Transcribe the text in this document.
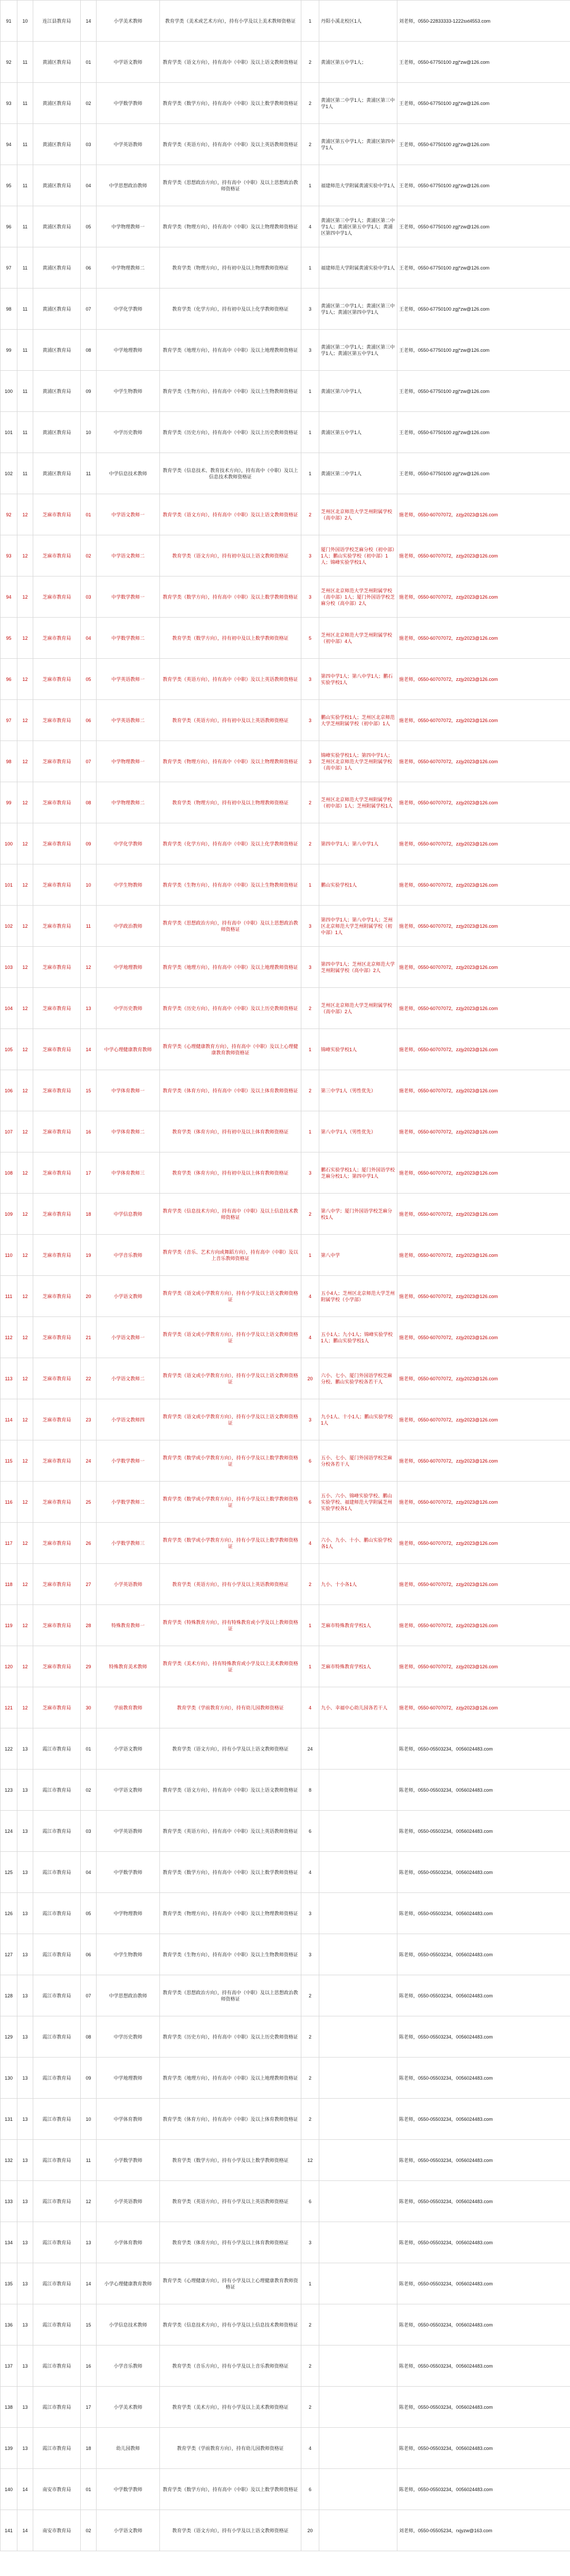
91	10	连江县教育局	14	小学美术教师	教育学类（美术或艺术方向），持有小学及以上美术教师资格证	1	丹阳小溪北校区1人	刘老师，0550-22833333-1222sxt4553.com
92	11	黄浦区教育局	01	中学语文教师	教育学类（语文方向），持有高中（中职）及以上语文教师资格证	2	黄浦区第五中学1人；	王老师，0550-67750100 zgj*zw@126.com
93	11	黄浦区教育局	02	中学数学教师	教育学类（数学方向），持有高中（中职）及以上数学教师资格证	2	黄浦区第二中学1人；黄浦区第三中学1人	王老师，0550-67750100 zgj*zw@126.com
94	11	黄浦区教育局	03	中学英语教师	教育学类（英语方向），持有高中（中职）及以上英语教师资格证	2	黄浦区第五中学1人；黄浦区第四中学1人	王老师，0550-67750100 zgj*zw@126.com
95	11	黄浦区教育局	04	中学思想政治教师	教育学类（思想政治方向），持有高中（中职）及以上思想政治教师资格证	1	福建师范大学附属黄浦实验中学1人	王老师，0550-67750100 zgj*zw@126.com
96	11	黄浦区教育局	05	中学物理教师一	教育学类（物理方向），持有高中（中职）及以上物理教师资格证	4	黄浦区第三中学1人；黄浦区第二中学1人；黄浦区第五中学1人；黄浦区第四中学1人	王老师，0550-67750100 zgj*zw@126.com
97	11	黄浦区教育局	06	中学物理教师二	教育学类（物理方向），持有初中及以上物理教师资格证	1	福建师范大学附属黄浦实验中学1人	王老师，0550-67750100 zgj*zw@126.com
98	11	黄浦区教育局	07	中学化学教师	教育学类（化学方向），持有初中及以上化学教师资格证	3	黄浦区第二中学1人；黄浦区第三中学1人；黄浦区第四中学1人	王老师，0550-67750100 zgj*zw@126.com
99	11	黄浦区教育局	08	中学地理教师	教育学类（地理方向），持有高中（中职）及以上地理教师资格证	3	黄浦区第二中学1人；黄浦区第三中学1人；黄浦区第五中学1人	王老师，0550-67750100 zgj*zw@126.com
100	11	黄浦区教育局	09	中学生物教师	教育学类（生物方向），持有高中（中职）及以上生物教师资格证	1	黄浦区第六中学1人	王老师，0550-67750100 zgj*zw@126.com
101	11	黄浦区教育局	10	中学历史教师	教育学类（历史方向），持有高中（中职）及以上历史教师资格证	1	黄浦区第五中学1人	王老师，0550-67750100 zgj*zw@126.com
102	11	黄浦区教育局	11	中学信息技术教师	教育学类（信息技术、教育技术方向），持有高中（中职）及以上信息技术教师资格证	1	黄浦区第二中学1人	王老师，0550-67750100 zgj*zw@126.com
92	12	芝麻市教育局	01	中学语文教师一	教育学类（语文方向），持有高中（中职）及以上语文教师资格证	2	芝州区北京师范大学芝州附属学校（高中部）2人	施老师，0550-60707072，zzjy2023@126.com
93	12	芝麻市教育局	02	中学语文教师二	教育学类（语文方向），持有初中及以上语文教师资格证	3	厦门外国语学校芝麻分校（初中部）1人；鹏山实验学校（初中部）1人；锦峰实验学校1人	施老师，0550-60707072，zzjy2023@126.com
94	12	芝麻市教育局	03	中学数学教师一	教育学类（数学方向），持有高中（中职）及以上数学教师资格证	3	芝州区北京师范大学芝州附属学校（高中部）1人；厦门外国语学校芝麻分校（高中部）2人	施老师，0550-60707072，zzjy2023@126.com
95	12	芝麻市教育局	04	中学数学教师二	教育学类（数学方向），持有初中及以上数学教师资格证	5	芝州区北京师范大学芝州附属学校（初中部）4人	施老师，0550-60707072，zzjy2023@126.com
96	12	芝麻市教育局	05	中学英语教师一	教育学类（英语方向），持有高中（中职）及以上英语教师资格证	3	第四中学1人；第八中学1人；鹏石实验学校1人	施老师，0550-60707072，zzjy2023@126.com
97	12	芝麻市教育局	06	中学英语教师二	教育学类（英语方向），持有初中及以上英语教师资格证	3	鹏山实验学校1人；芝州区北京师范大学芝州附属学校（初中部）1人	施老师，0550-60707072，zzjy2023@126.com
98	12	芝麻市教育局	07	中学物理教师一	教育学类（物理方向），持有高中（中职）及以上物理教师资格证	3	锦峰实验学校1人；第四中学1人；芝州区北京师范大学芝州附属学校（高中部）1人	施老师，0550-60707072，zzjy2023@126.com
99	12	芝麻市教育局	08	中学物理教师二	教育学类（物理方向），持有初中及以上物理教师资格证	2	芝州区北京师范大学芝州附属学校（初中部）1人；芝州附属学校1人	施老师，0550-60707072，zzjy2023@126.com
100	12	芝麻市教育局	09	中学化学教师	教育学类（化学方向），持有高中（中职）及以上化学教师资格证	2	第四中学1人；第八中学1人	施老师，0550-60707072，zzjy2023@126.com
101	12	芝麻市教育局	10	中学生物教师	教育学类（生物方向），持有高中（中职）及以上生物教师资格证	1	鹏山实验学校1人	施老师，0550-60707072，zzjy2023@126.com
102	12	芝麻市教育局	11	中学政治教师	教育学类（思想政治方向），持有高中（中职）及以上思想政治教师资格证	3	第四中学1人；第八中学1人；芝州区北京师范大学芝州附属学校（初中部）1人	施老师，0550-60707072，zzjy2023@126.com
103	12	芝麻市教育局	12	中学地理教师	教育学类（地理方向），持有高中（中职）及以上地理教师资格证	3	第四中学1人；芝州区北京师范大学芝州附属学校（高中部）2人	施老师，0550-60707072，zzjy2023@126.com
104	12	芝麻市教育局	13	中学历史教师	教育学类（历史方向），持有高中（中职）及以上历史教师资格证	2	芝州区北京师范大学芝州附属学校（高中部）2人	施老师，0550-60707072，zzjy2023@126.com
105	12	芝麻市教育局	14	中学心理健康教育教师	教育学类（心理健康教育方向），持有高中（中职）及以上心理健康教育教师资格证	1	锦峰实验学校1人	施老师，0550-60707072，zzjy2023@126.com
106	12	芝麻市教育局	15	中学体育教师一	教育学类（体育方向），持有高中（中职）及以上体育教师资格证	2	第三中学1人（男性优先）	施老师，0550-60707072，zzjy2023@126.com
107	12	芝麻市教育局	16	中学体育教师二	教育学类（体育方向），持有初中及以上体育教师资格证	1	第八中学1人（男性优先）	施老师，0550-60707072，zzjy2023@126.com
108	12	芝麻市教育局	17	中学体育教师三	教育学类（体育方向），持有初中及以上体育教师资格证	3	鹏石实验学校1人；厦门外国语学校芝麻分校1人；第四中学1人	施老师，0550-60707072，zzjy2023@126.com
109	12	芝麻市教育局	18	中学信息教师	教育学类（信息技术方向），持有高中（中职）及以上信息技术教师资格证	2	第八中学；厦门外国语学校芝麻分校1人	施老师，0550-60707072，zzjy2023@126.com
110	12	芝麻市教育局	19	中学音乐教师	教育学类（音乐、艺术方向或舞蹈方向），持有高中（中职）及以上音乐教师资格证	1	第八中学	施老师，0550-60707072，zzjy2023@126.com
111	12	芝麻市教育局	20	小学语文教师	教育学类（语文或小学教育方向），持有小学及以上语文教师资格证	4	五小4人；芝州区北京师范大学芝州附属学校（小学部）	施老师，0550-60707072，zzjy2023@126.com
112	12	芝麻市教育局	21	小学语文教师一	教育学类（语文或小学教育方向），持有小学及以上语文教师资格证	4	五小1人；九小1人；锦峰实验学校1人；鹏山实验学校1人	施老师，0550-60707072，zzjy2023@126.com
113	12	芝麻市教育局	22	小学语文教师二	教育学类（语文或小学教育方向），持有小学及以上语文教师资格证	20	六小、七小、厦门外国语学校芝麻分校、鹏山实验学校各若干人	施老师，0550-60707072，zzjy2023@126.com
114	12	芝麻市教育局	23	小学语文教师四	教育学类（语文或小学教育方向），持有小学及以上语文教师资格证	3	九小1人、十小1人；鹏山实验学校1人	施老师，0550-60707072，zzjy2023@126.com
115	12	芝麻市教育局	24	小学数学教师一	教育学类（数学或小学教育方向），持有小学及以上数学教师资格证	6	五小、七小、厦门外国语学校芝麻分校各若干人	施老师，0550-60707072，zzjy2023@126.com
116	12	芝麻市教育局	25	小学数学教师二	教育学类（数学或小学教育方向），持有小学及以上数学教师资格证	6	五小、六小、锦峰实验学校、鹏山实验学校、福建师范大学附属芝州实验学校各1人	施老师，0550-60707072，zzjy2023@126.com
117	12	芝麻市教育局	26	小学数学教师三	教育学类（数学或小学教育方向），持有小学及以上数学教师资格证	4	六小、九小、十小、鹏山实验学校各1人	施老师，0550-60707072，zzjy2023@126.com
118	12	芝麻市教育局	27	小学英语教师	教育学类（英语方向），持有小学及以上英语教师资格证	2	九小、十小各1人	施老师，0550-60707072，zzjy2023@126.com
119	12	芝麻市教育局	28	特殊教育教师一	教育学类（特殊教育方向），持有特殊教育或小学及以上教师资格证	1	芝麻市特殊教育学校1人	施老师，0550-60707072，zzjy2023@126.com
120	12	芝麻市教育局	29	特殊教育美术教师	教育学类（美术方向），持有特殊教育或小学及以上美术教师资格证	1	芝麻市特殊教育学校1人	施老师，0550-60707072，zzjy2023@126.com
121	12	芝麻市教育局	30	学前教育教师	教育学类（学前教育方向），持有幼儿园教师资格证	4	九小、幸福中心幼儿园各若干人	施老师，0550-60707072，zzjy2023@126.com
122	13	霞江市教育局	01	小学语文教师	教育学类（语文方向），持有小学及以上语文教师资格证	24		陈老师，0550-05503234，0056024483.com
123	13	霞江市教育局	02	中学语文教师	教育学类（语文方向），持有高中（中职）及以上语文教师资格证	8		陈老师，0550-05503234，0056024483.com
124	13	霞江市教育局	03	中学英语教师	教育学类（英语方向），持有高中（中职）及以上英语教师资格证	6		陈老师，0550-05503234，0056024483.com
125	13	霞江市教育局	04	中学数学教师	教育学类（数学方向），持有高中（中职）及以上数学教师资格证	4		陈老师，0550-05503234，0056024483.com
126	13	霞江市教育局	05	中学物理教师	教育学类（物理方向），持有高中（中职）及以上物理教师资格证	3		陈老师，0550-05503234，0056024483.com
127	13	霞江市教育局	06	中学生物教师	教育学类（生物方向），持有高中（中职）及以上生物教师资格证	3		陈老师，0550-05503234，0056024483.com
128	13	霞江市教育局	07	中学思想政治教师	教育学类（思想政治方向），持有高中（中职）及以上思想政治教师资格证	2		陈老师，0550-05503234，0056024483.com
129	13	霞江市教育局	08	中学历史教师	教育学类（历史方向），持有高中（中职）及以上历史教师资格证	2		陈老师，0550-05503234，0056024483.com
130	13	霞江市教育局	09	中学地理教师	教育学类（地理方向），持有高中（中职）及以上地理教师资格证	2		陈老师，0550-05503234，0056024483.com
131	13	霞江市教育局	10	中学体育教师	教育学类（体育方向），持有高中（中职）及以上体育教师资格证	2		陈老师，0550-05503234，0056024483.com
132	13	霞江市教育局	11	小学数学教师	教育学类（数学方向），持有小学及以上数学教师资格证	12		陈老师，0550-05503234，0056024483.com
133	13	霞江市教育局	12	小学英语教师	教育学类（英语方向），持有小学及以上英语教师资格证	6		陈老师，0550-05503234，0056024483.com
134	13	霞江市教育局	13	小学体育教师	教育学类（体育方向），持有小学及以上体育教师资格证	3		陈老师，0550-05503234，0056024483.com
135	13	霞江市教育局	14	小学心理健康教育教师	教育学类（心理健康方向），持有小学及以上心理健康教育教师资格证	1		陈老师，0550-05503234，0056024483.com
136	13	霞江市教育局	15	小学信息技术教师	教育学类（信息技术方向），持有小学及以上信息技术教师资格证	2		陈老师，0550-05503234，0056024483.com
137	13	霞江市教育局	16	小学音乐教师	教育学类（音乐方向），持有小学及以上音乐教师资格证	2		陈老师，0550-05503234，0056024483.com
138	13	霞江市教育局	17	小学美术教师	教育学类（美术方向），持有小学及以上美术教师资格证	2		陈老师，0550-05503234，0056024483.com
139	13	霞江市教育局	18	幼儿园教师	教育学类（学前教育方向），持有幼儿园教师资格证	4		陈老师，0550-05503234，0056024483.com
140	14	南安市教育局	01	中学数学教师	教育学类（数学方向），持有高中（中职）及以上数学教师资格证	6		陈老师，0550-05503234，0056024483.com
141	14	南安市教育局	02	小学语文教师	教育学类（语文方向），持有小学及以上语文教师资格证	20		刘老师，0550-05505234，rxjyzw@163.com
